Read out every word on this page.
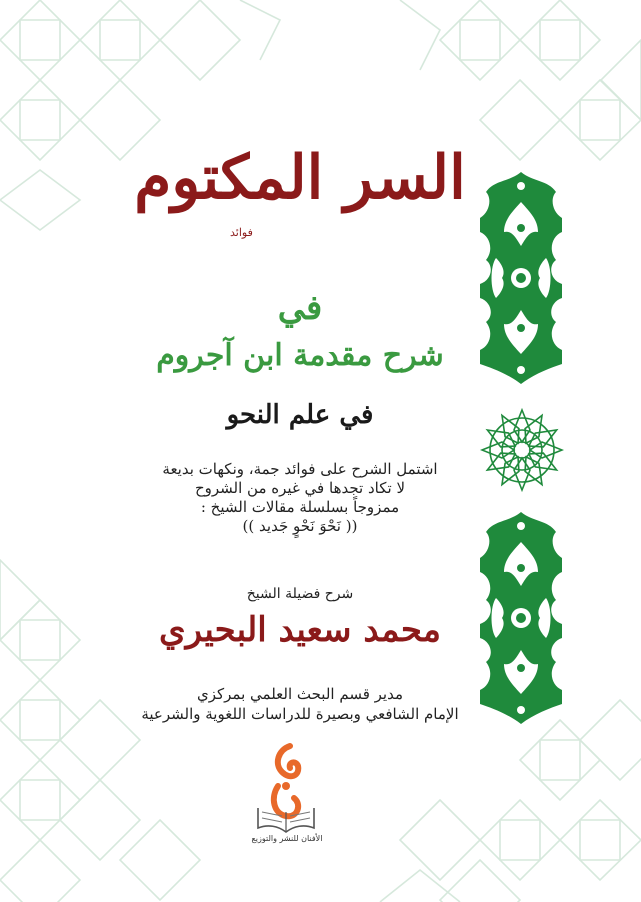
السر المكتوم
في
شرح مقدمة ابن آجروم
في علم النحو
اشتمل الشرح على فوائد جمة، ونكهات بديعة
لا تكاد تجدها في غيره من الشروح
ممزوجاً بسلسلة مقالات الشيخ :
(( نَحْوَ نَحْوٍ جَديد ))
شرح فضيلة الشيخ
محمد سعيد البحيري
مدير قسم البحث العلمي بمركزي
الإمام الشافعي وبصيرة للدراسات اللغوية والشرعية
فوائد
الأفنان للنشر والتوزيع
